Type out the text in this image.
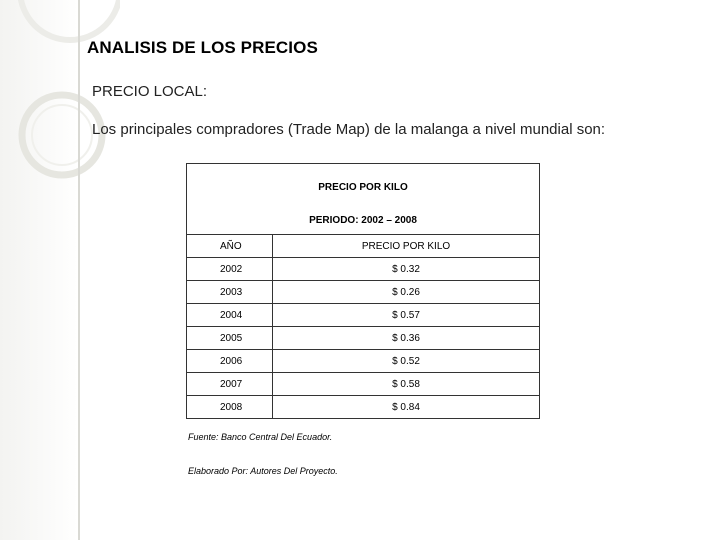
ANALISIS DE LOS PRECIOS
PRECIO LOCAL:
Los principales compradores (Trade Map) de la malanga a nivel mundial son:
PRECIO POR KILO
PERIODO: 2002 – 2008	

AÑO	PRECIO POR KILO
2002	$ 0.32
2003	$ 0.26
2004	$ 0.57
2005	$ 0.36
2006	$ 0.52
2007	$ 0.58
2008	$ 0.84
Fuente: Banco Central Del Ecuador.
Elaborado Por: Autores Del Proyecto.
